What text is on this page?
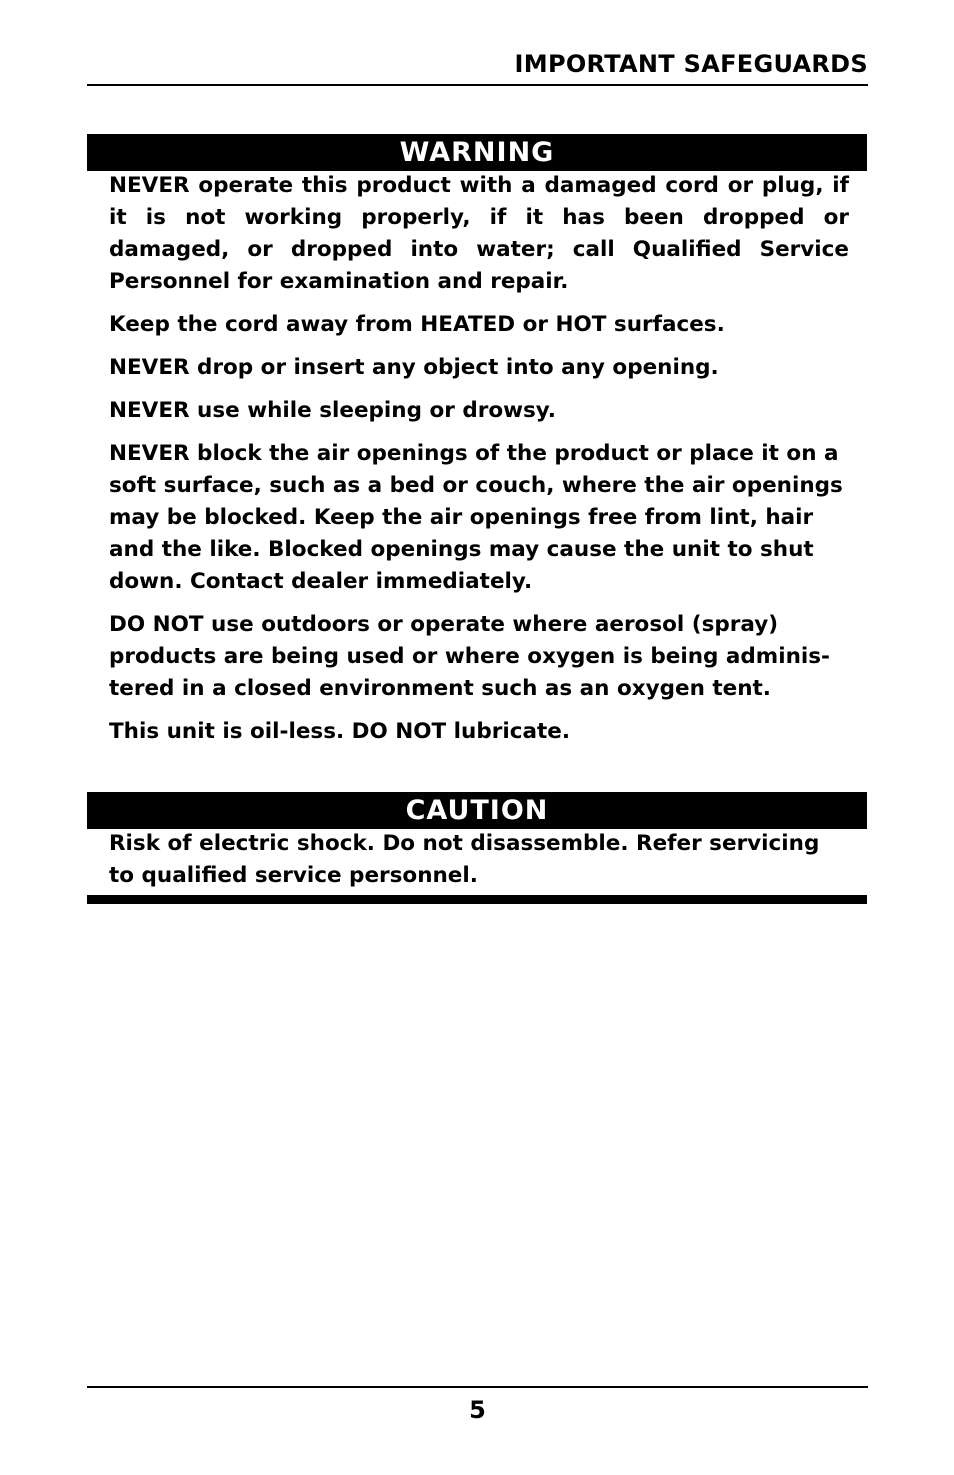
IMPORTANT SAFEGUARDS
WARNING

NEVER operate this product with a damaged cord or plug, if it is not working properly, if it has been dropped or damaged, or dropped into water; call Qualified Service Personnel for examination and repair.

Keep the cord away from HEATED or HOT surfaces.

NEVER drop or insert any object into any opening.

NEVER use while sleeping or drowsy.

NEVER block the air openings of the product or place it on a soft surface, such as a bed or couch, where the air openings may be blocked. Keep the air openings free from lint, hair and the like. Blocked openings may cause the unit to shut down. Contact dealer immediately.

DO NOT use outdoors or operate where aerosol (spray) products are being used or where oxygen is being adminis-tered in a closed environment such as an oxygen tent.

This unit is oil-less. DO NOT lubricate.

CAUTION

Risk of electric shock. Do not disassemble. Refer servicing to qualified service personnel.

5
